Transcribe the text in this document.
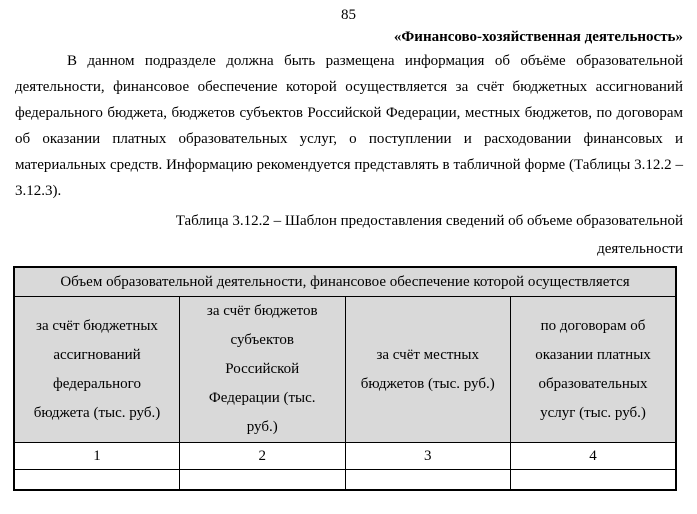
85
«Финансово-хозяйственная деятельность»

В данном подразделе должна быть размещена информация об объёме образовательной деятельности, финансовое обеспечение которой осуществляется за счёт бюджетных ассигнований федерального бюджета, бюджетов субъектов Российской Федерации, местных бюджетов, по договорам об оказании платных образовательных услуг, о поступлении и расходовании финансовых и материальных средств. Информацию рекомендуется представлять в табличной форме (Таблицы 3.12.2 – 3.12.3).

Таблица 3.12.2 – Шаблон предоставления сведений об объеме образовательной
деятельности
Объем образовательной деятельности, финансовое обеспечение которой осуществляется			
за счёт бюджетных ассигнований федерального бюджета (тыс. руб.)	за счёт бюджетов субъектов Российской Федерации (тыс. руб.)	за счёт местных бюджетов (тыс. руб.)	по договорам об оказании платных образовательных услуг (тыс. руб.)
1	2	3	4
